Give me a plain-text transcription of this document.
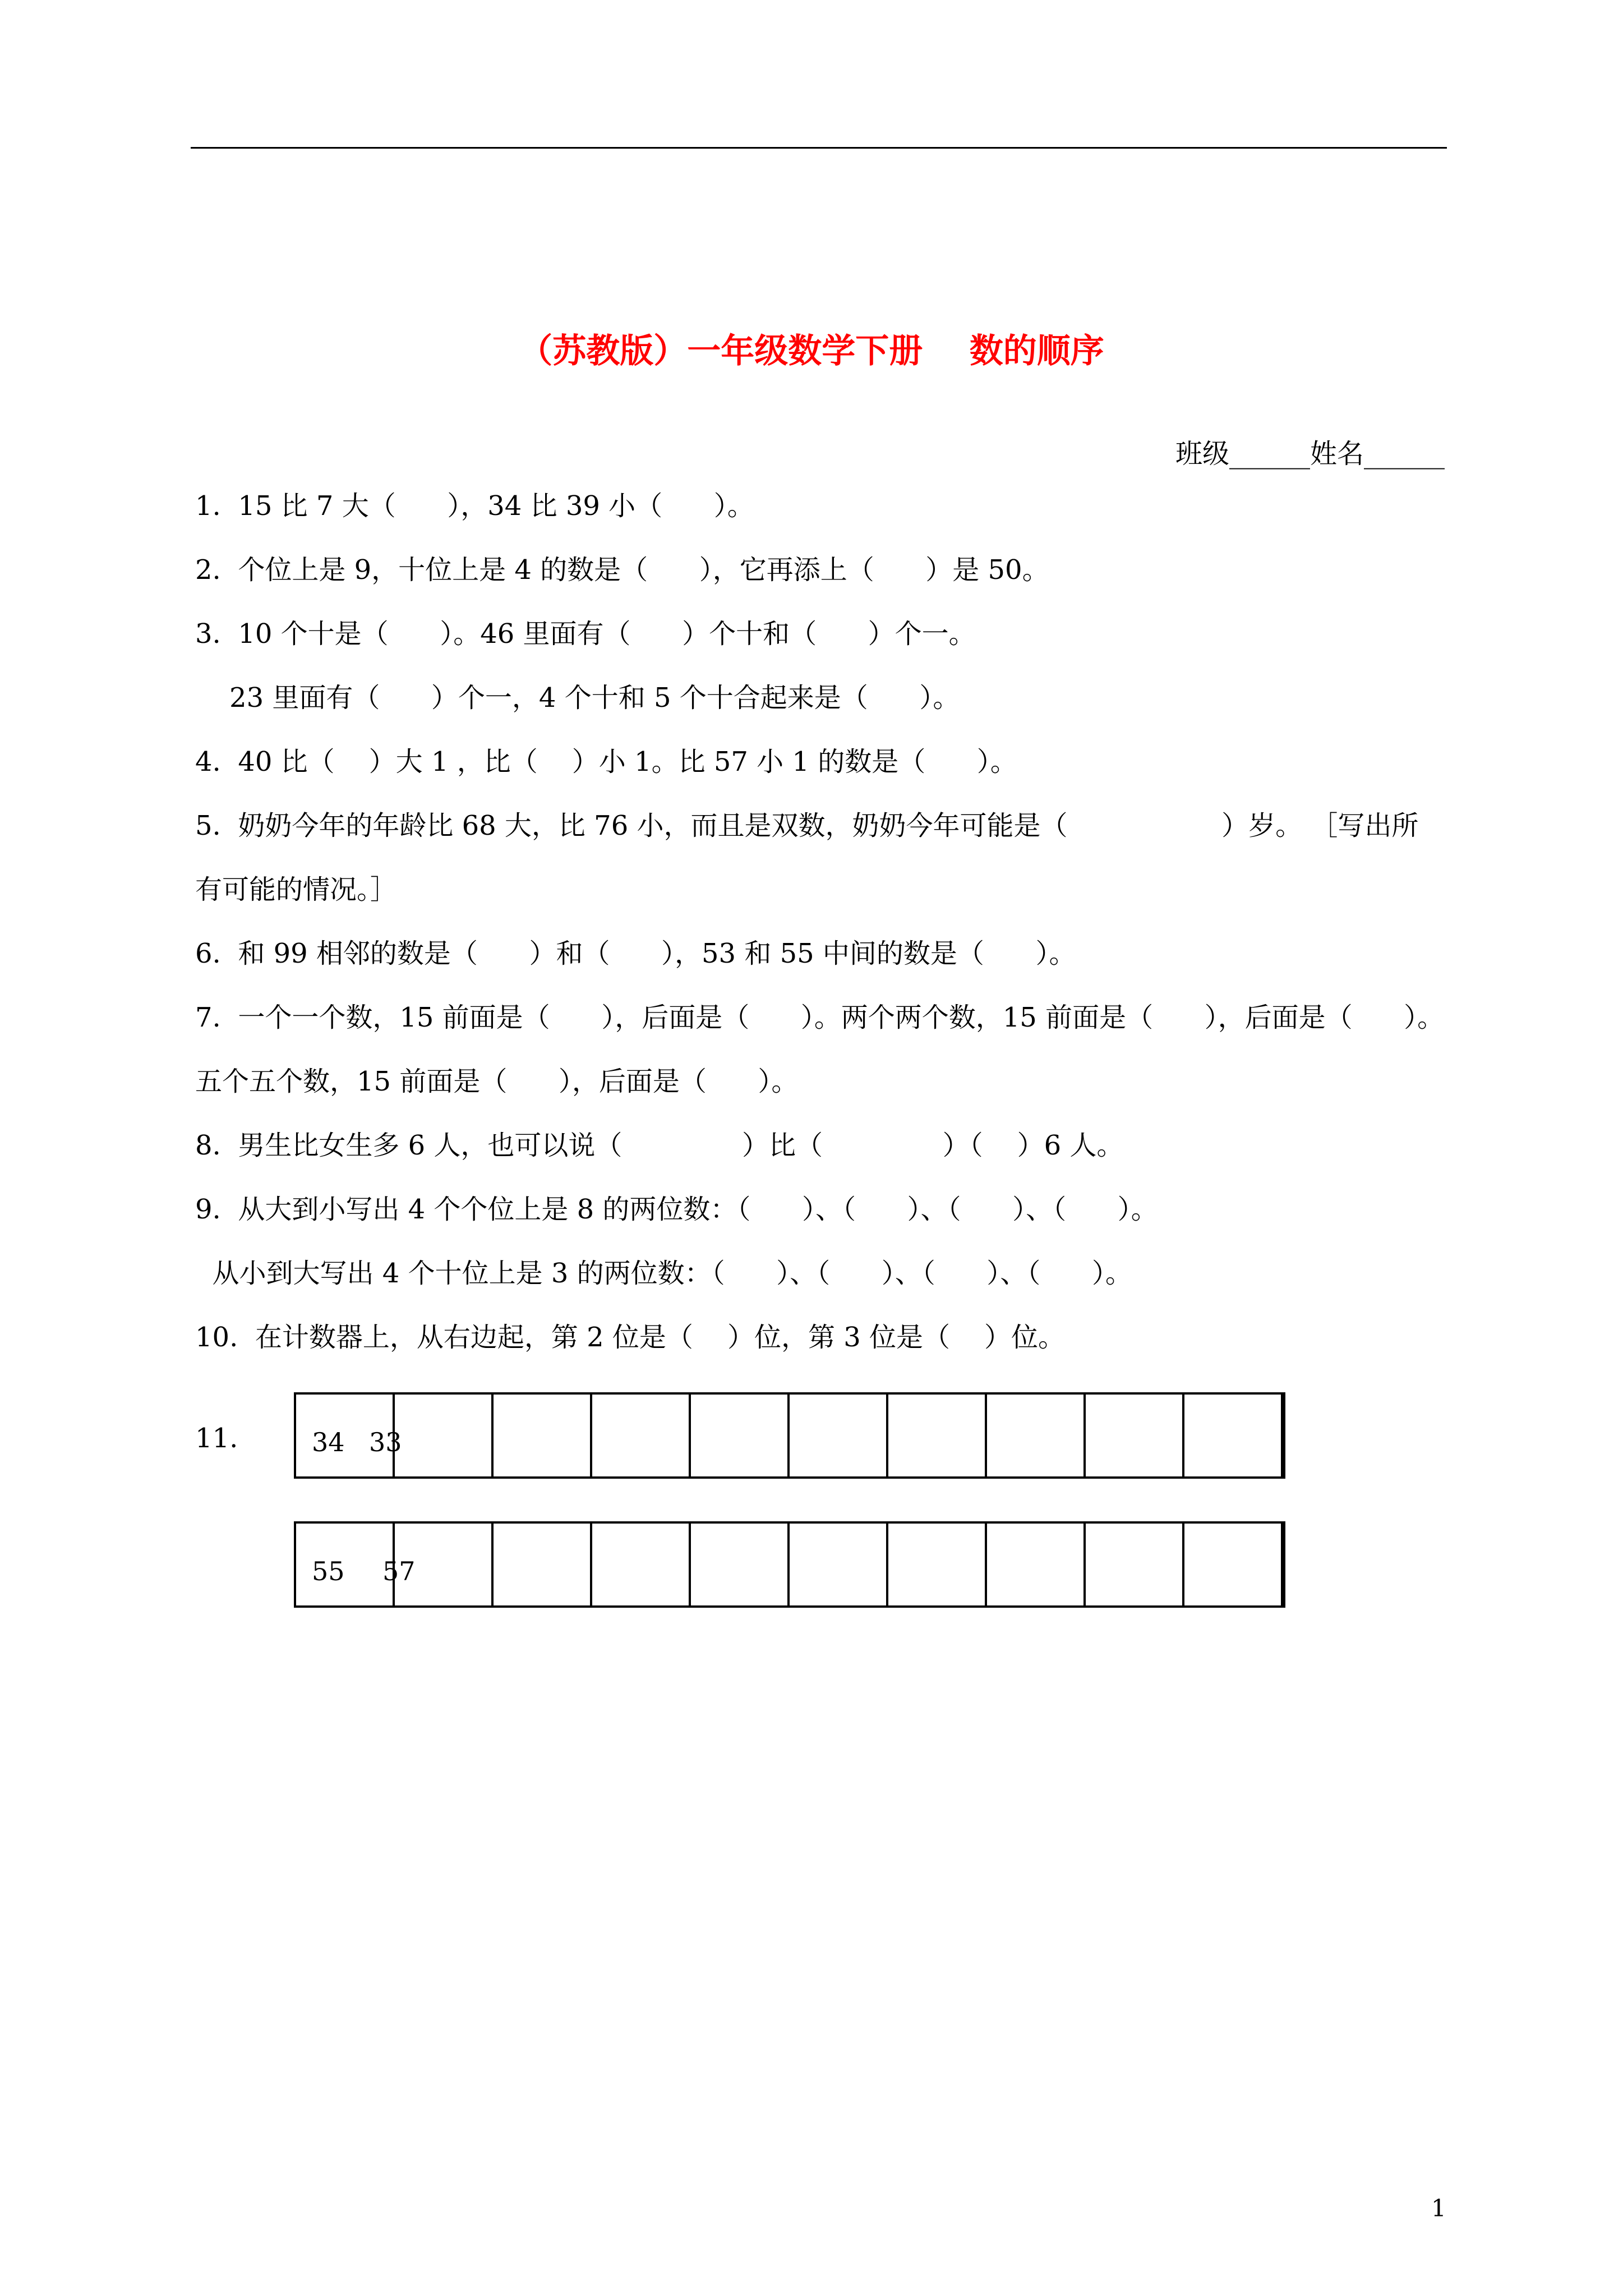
（苏教版）一年级数学下册    数的顺序
班级______姓名______
1.  15 比 7 大（      ），34 比 39 小（      ）。
2.  个位上是 9，十位上是 4 的数是（      ），它再添上（      ）是 50。
3.  10 个十是（      ）。46 里面有（      ）个十和（      ）个一。
23 里面有（      ）个一，4 个十和 5 个十合起来是（      ）。
4.  40 比（    ）大 1 ，比（    ）小 1。比 57 小 1 的数是（      ）。
5.  奶奶今年的年龄比 68 大，比 76 小，而且是双数，奶奶今年可能是（                  ）岁。 ［写出所
有可能的情况。］
6.  和 99 相邻的数是（      ）和（      ），53 和 55 中间的数是（      ）。
7.  一个一个数，15 前面是（      ），后面是（      ）。两个两个数，15 前面是（      ），后面是（      ）。
五个五个数，15 前面是（      ），后面是（      ）。
8.  男生比女生多 6 人，也可以说（              ）比（              ）（    ）6 人。
9.  从大到小写出 4 个个位上是 8 的两位数：（      ）、（      ）、（      ）、（      ）。
从小到大写出 4 个十位上是 3 的两位数：（      ）、（      ）、（      ）、（      ）。
10.  在计数器上，从右边起，第 2 位是（    ）位，第 3 位是（    ）位。
11.	34 33
55 57
1
